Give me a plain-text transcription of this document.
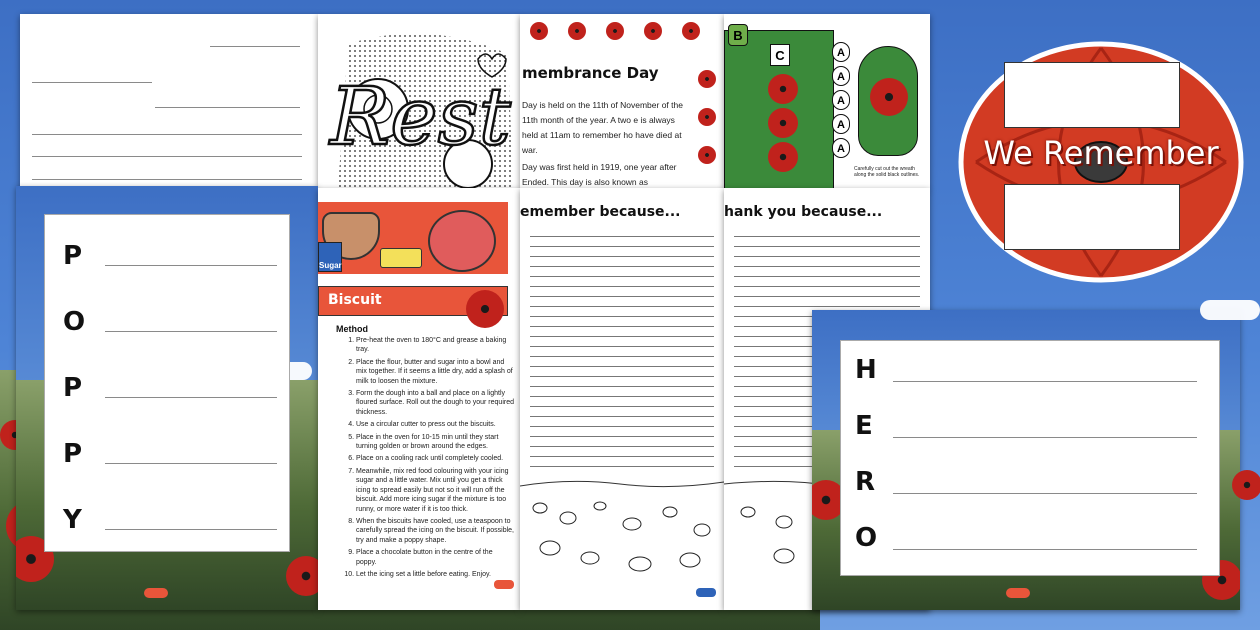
Rest membrance Day
Day is held on the 11th of November of the 11th month of the year. A two e is always held at 11am to remember ho have died at war.
Day was first held in 1919, one year after Ended. This day is also known as
B
C	A
A
A
A
A
Carefully cut out the wreath along the solid black outlines.
P
O
P
P
Y
Sugar
Biscuit
Method
1. Pre-heat the oven to 180°C and grease a baking tray.
2. Place the flour, butter and sugar into a bowl and mix together. If it seems a little dry, add a splash of milk to loosen the mixture.
3. Form the dough into a ball and place on a lightly floured surface. Roll out the dough to your required thickness.
4. Use a circular cutter to press out the biscuits.
5. Place in the oven for 10-15 min until they start turning golden or brown around the edges.
6. Place on a cooling rack until completely cooled.
7. Meanwhile, mix red food colouring with your icing sugar and a little water. Mix until you get a thick icing to spread easily but not so it will run off the biscuit. Add more icing sugar if the mixture is too runny, or more water if it is too thick.
8. When the biscuits have cooled, use a teaspoon to carefully spread the icing on the biscuit. If possible, try and make a poppy shape.
9. Place a chocolate button in the centre of the poppy.
10. Let the icing set a little before eating. Enjoy.
emember because...	hank you because...
We Remember
H
E
R
O
